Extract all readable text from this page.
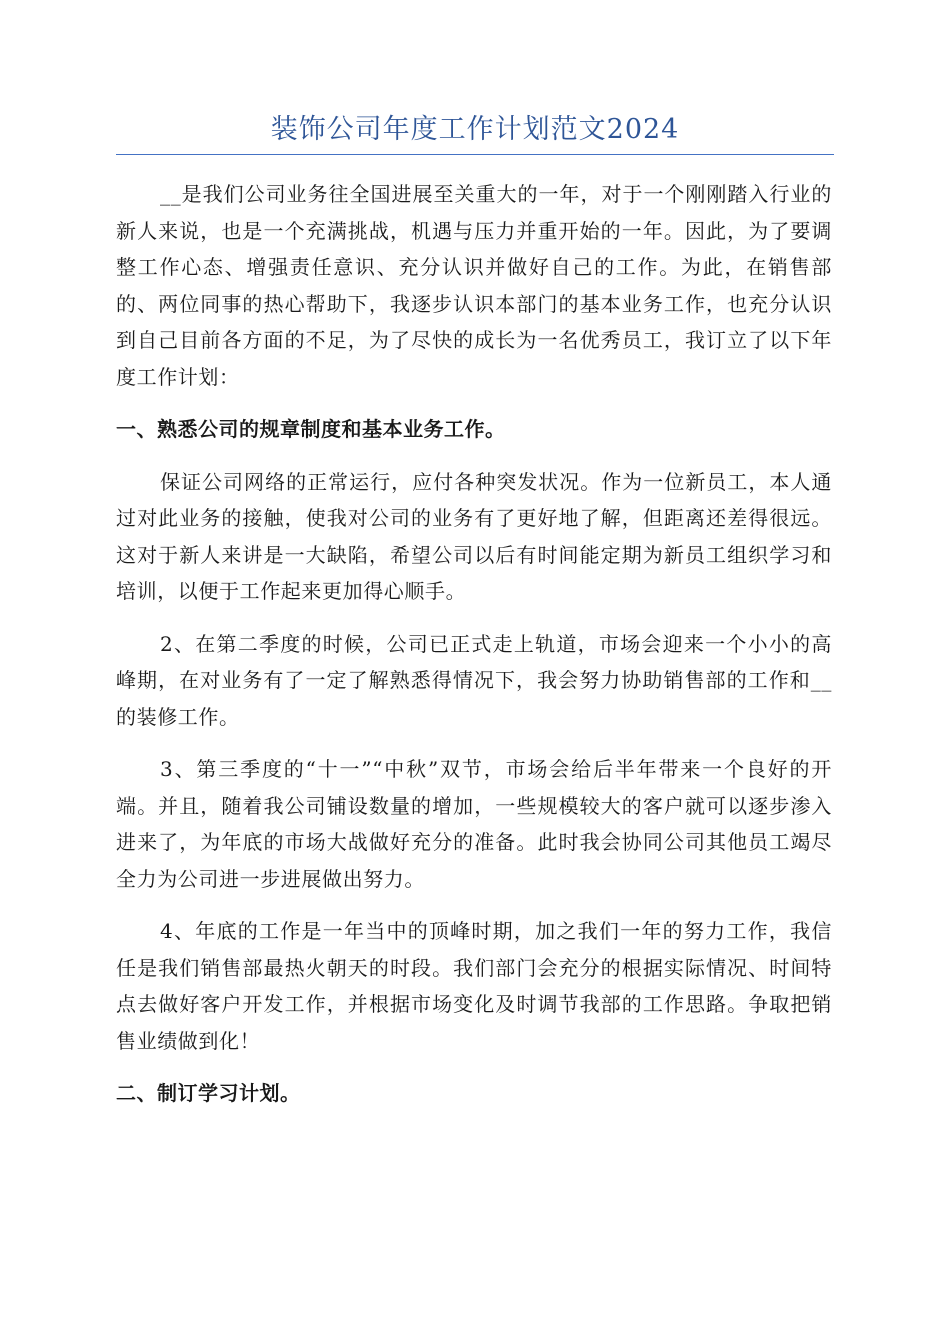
装饰公司年度工作计划范文2024

__是我们公司业务往全国进展至关重大的一年，对于一个刚刚踏入行业的新人来说，也是一个充满挑战，机遇与压力并重开始的一年。因此，为了要调整工作心态、增强责任意识、充分认识并做好自己的工作。为此，在销售部的、两位同事的热心帮助下，我逐步认识本部门的基本业务工作，也充分认识到自己目前各方面的不足，为了尽快的成长为一名优秀员工，我订立了以下年度工作计划：

一、熟悉公司的规章制度和基本业务工作。

保证公司网络的正常运行，应付各种突发状况。作为一位新员工，本人通过对此业务的接触，使我对公司的业务有了更好地了解，但距离还差得很远。这对于新人来讲是一大缺陷，希望公司以后有时间能定期为新员工组织学习和培训，以便于工作起来更加得心顺手。

2、在第二季度的时候，公司已正式走上轨道，市场会迎来一个小小的高峰期，在对业务有了一定了解熟悉得情况下，我会努力协助销售部的工作和__的装修工作。

3、第三季度的“十一”“中秋”双节，市场会给后半年带来一个良好的开端。并且，随着我公司铺设数量的增加，一些规模较大的客户就可以逐步渗入进来了，为年底的市场大战做好充分的准备。此时我会协同公司其他员工竭尽全力为公司进一步进展做出努力。

4、年底的工作是一年当中的顶峰时期，加之我们一年的努力工作，我信任是我们销售部最热火朝天的时段。我们部门会充分的根据实际情况、时间特点去做好客户开发工作，并根据市场变化及时调节我部的工作思路。争取把销售业绩做到化！

二、制订学习计划。
